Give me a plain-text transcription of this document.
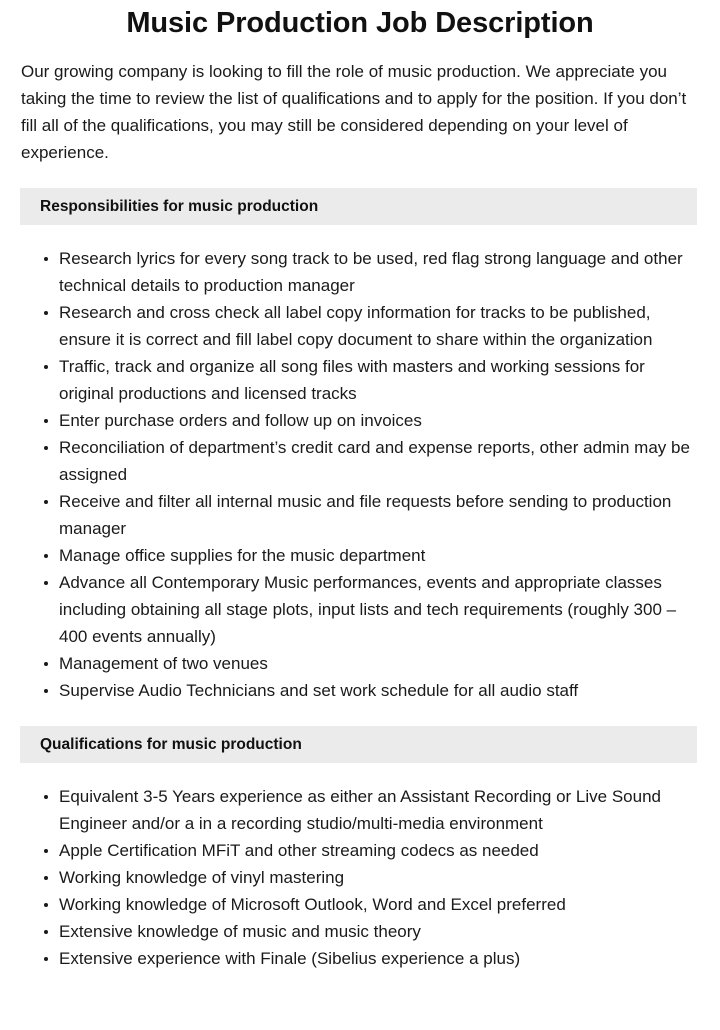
Music Production Job Description

Our growing company is looking to fill the role of music production. We appreciate you taking the time to review the list of qualifications and to apply for the position. If you don’t fill all of the qualifications, you may still be considered depending on your level of experience.

Responsibilities for music production
Research lyrics for every song track to be used, red flag strong language and other technical details to production manager
Research and cross check all label copy information for tracks to be published, ensure it is correct and fill label copy document to share within the organization
Traffic, track and organize all song files with masters and working sessions for original productions and licensed tracks
Enter purchase orders and follow up on invoices
Reconciliation of department’s credit card and expense reports, other admin may be assigned
Receive and filter all internal music and file requests before sending to production manager
Manage office supplies for the music department
Advance all Contemporary Music performances, events and appropriate classes including obtaining all stage plots, input lists and tech requirements (roughly 300 – 400 events annually)
Management of two venues
Supervise Audio Technicians and set work schedule for all audio staff
Qualifications for music production
Equivalent 3-5 Years experience as either an Assistant Recording or Live Sound Engineer and/or a in a recording studio/multi-media environment
Apple Certification MFiT and other streaming codecs as needed
Working knowledge of vinyl mastering
Working knowledge of Microsoft Outlook, Word and Excel preferred
Extensive knowledge of music and music theory
Extensive experience with Finale (Sibelius experience a plus)
